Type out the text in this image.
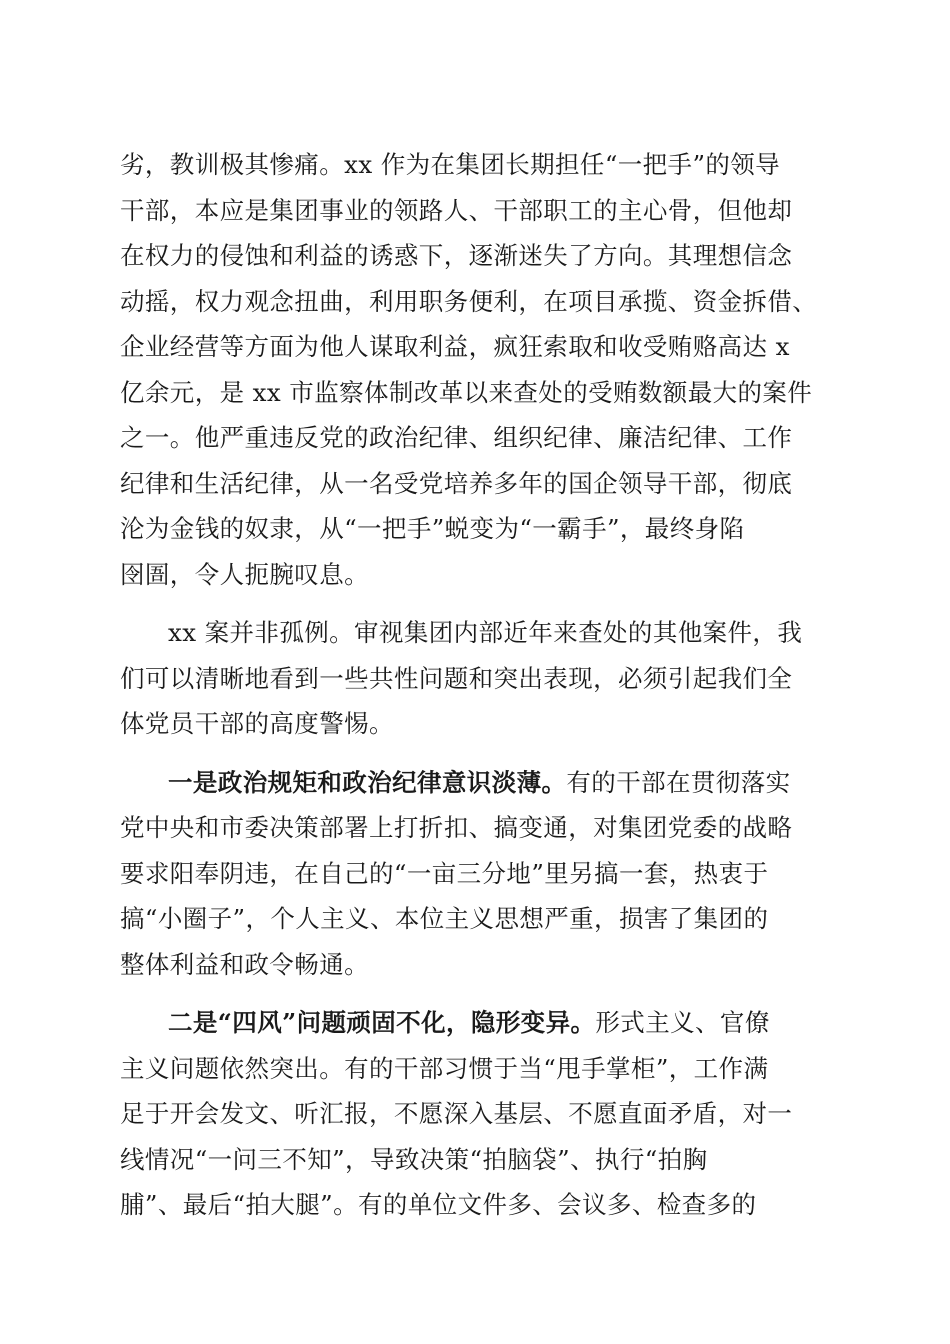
劣，教训极其惨痛。xx 作为在集团长期担任“一把手”的领导
干部，本应是集团事业的领路人、干部职工的主心骨，但他却
在权力的侵蚀和利益的诱惑下，逐渐迷失了方向。其理想信念
动摇，权力观念扭曲，利用职务便利，在项目承揽、资金拆借、
企业经营等方面为他人谋取利益，疯狂索取和收受贿赂高达 x
亿余元，是 xx 市监察体制改革以来查处的受贿数额最大的案件
之一。他严重违反党的政治纪律、组织纪律、廉洁纪律、工作
纪律和生活纪律，从一名受党培养多年的国企领导干部，彻底
沦为金钱的奴隶，从“一把手”蜕变为“一霸手”，最终身陷
囹圄，令人扼腕叹息。
xx 案并非孤例。审视集团内部近年来查处的其他案件，我
们可以清晰地看到一些共性问题和突出表现，必须引起我们全
体党员干部的高度警惕。
一是政治规矩和政治纪律意识淡薄。有的干部在贯彻落实
党中央和市委决策部署上打折扣、搞变通，对集团党委的战略
要求阳奉阴违，在自己的“一亩三分地”里另搞一套，热衷于
搞“小圈子”，个人主义、本位主义思想严重，损害了集团的
整体利益和政令畅通。
二是“四风”问题顽固不化，隐形变异。形式主义、官僚
主义问题依然突出。有的干部习惯于当“甩手掌柜”，工作满
足于开会发文、听汇报，不愿深入基层、不愿直面矛盾，对一
线情况“一问三不知”，导致决策“拍脑袋”、执行“拍胸
脯”、最后“拍大腿”。有的单位文件多、会议多、检查多的
